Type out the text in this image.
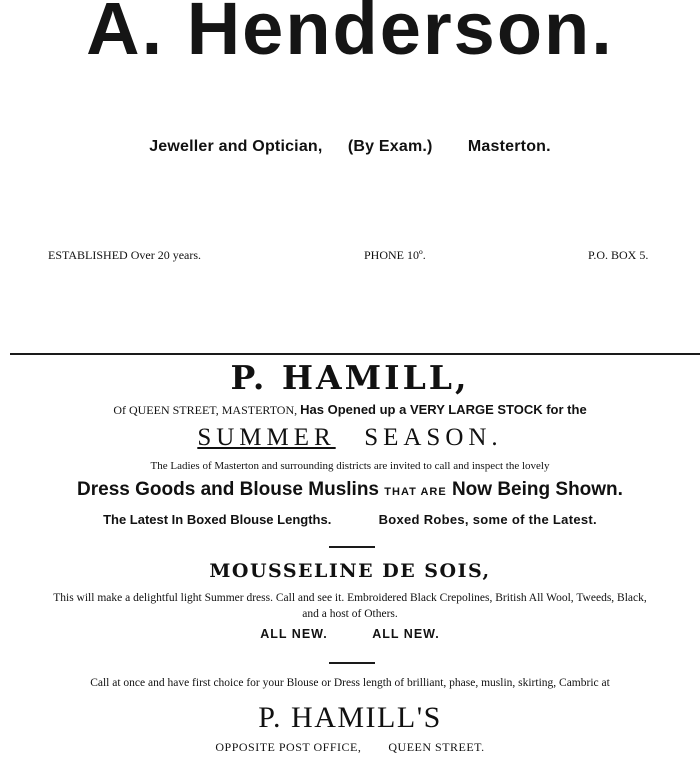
A. Henderson.
Jeweller and Optician, (By Exam.) Masterton.
ESTABLISHED Over 20 years.	PHONE 10º.	P.O. BOX 5.
P. HAMILL,
Of QUEEN STREET, MASTERTON, Has Opened up a VERY LARGE STOCK for the
SUMMER SEASON.
The Ladies of Masterton and surrounding districts are invited to call and inspect the lovely
Dress Goods and Blouse Muslins THAT ARE Now Being Shown.
The Latest In Boxed Blouse Lengths.	Boxed Robes, some of the Latest.
MOUSSELINE DE SOIS,
This will make a delightful light Summer dress. Call and see it. Embroidered Black Crepolines, British All Wool, Tweeds, Black,
and a host of Others.
ALL NEW.	ALL NEW.
Call at once and have first choice for your Blouse or Dress length of brilliant, phase, muslin, skirting, Cambric at
P. HAMILL'S
OPPOSITE POST OFFICE, QUEEN STREET.
